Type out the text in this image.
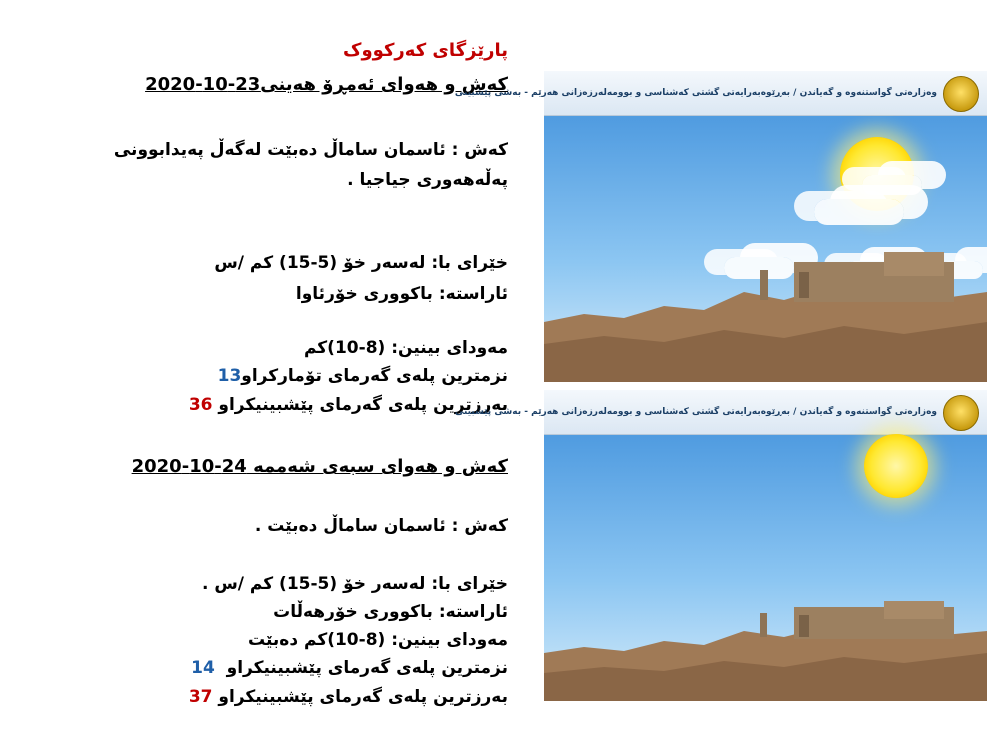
پارێزگای کەرکووک
کەش و هەوای ئەمڕۆ هەینی23-10-2020
کەش : ئاسمان ساماڵ دەبێت لەگەڵ پەیدابوونی پەڵەهەوری جیاجیا .
خێرای با: لەسەر خۆ (5-15) کم /س
ئاراستە: باکووری خۆرئاوا
مەودای بینین: (8-10)کم
نزمترین پلەی گەرمای تۆمارکراو13
بەرزترین پلەی گەرمای پێشبینیکراو 36
کەش و هەوای سبەی شەممە 24-10-2020
کەش : ئاسمان ساماڵ دەبێت .
خێرای با: لەسەر خۆ (5-15) کم /س .
ئاراستە: باکووری خۆرهەڵات
مەودای بینین: (8-10)کم دەبێت
نزمترین پلەی گەرمای پێشبینیکراو  14
بەرزترین پلەی گەرمای پێشبینیکراو 37
وەزارەتی گواستنەوە و گەیاندن / بەڕێوەبەرایەتی گشتی کەشناسی و بوومەلەرزەزانی هەرێم - بەشی پێشبینی
وەزارەتی گواستنەوە و گەیاندن / بەڕێوەبەرایەتی گشتی کەشناسی و بوومەلەرزەزانی هەرێم - بەشی پێشبینی
